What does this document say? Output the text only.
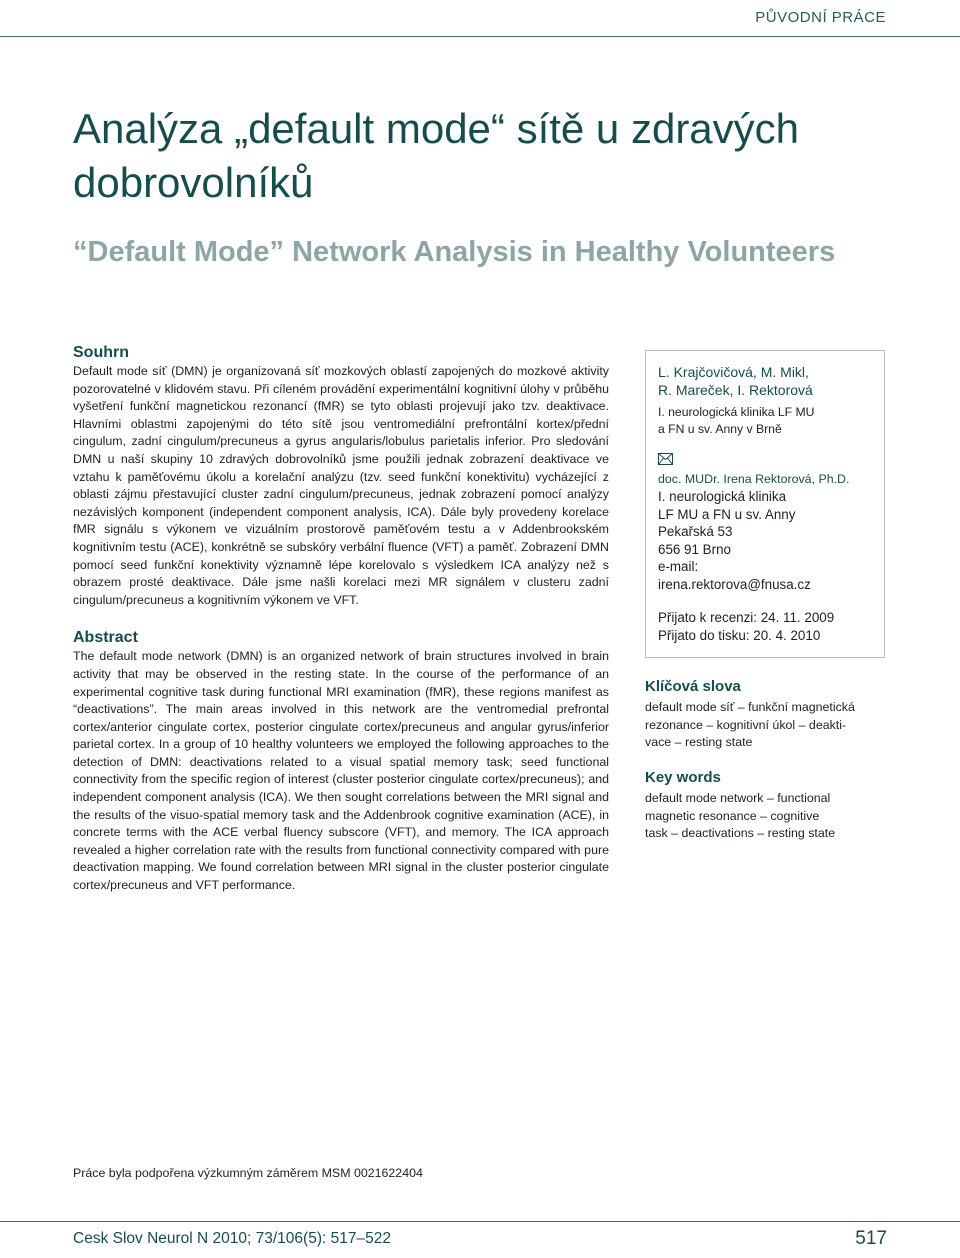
PŮVODNÍ PRÁCE
Analýza „default mode“ sítě u zdravých dobrovolníků
“Default Mode” Network Analysis in Healthy Volunteers
Souhrn

Default mode síť (DMN) je organizovaná síť mozkových oblastí zapojených do mozkové aktivity pozorovatelné v klidovém stavu. Při cíleném provádění experimentální kognitivní úlohy v průběhu vyšetření funkční magnetickou rezonancí (fMR) se tyto oblasti projevují jako tzv. deaktivace. Hlavními oblastmi zapojenými do této sítě jsou ventromediální prefrontální kortex/přední cingulum, zadní cingulum/precuneus a gyrus angularis/lobulus parietalis inferior. Pro sledování DMN u naší skupiny 10 zdravých dobrovolníků jsme použili jednak zobrazení deaktivace ve vztahu k paměťovému úkolu a korelační analýzu (tzv. seed funkční konektivitu) vycházející z oblasti zájmu přestavující cluster zadní cingulum/precuneus, jednak zobrazení pomocí analýzy nezávislých komponent (independent component analysis, ICA). Dále byly provedeny korelace fMR signálu s výkonem ve vizuálním prostorově paměťovém testu a v Addenbrookském kognitivním testu (ACE), konkrétně se subskóry verbální fluence (VFT) a paměť. Zobrazení DMN pomocí seed funkční konektivity významně lépe korelovalo s výsledkem ICA analýzy než s obrazem prosté deaktivace. Dále jsme našli korelaci mezi MR signálem v clusteru zadní cingulum/precuneus a kognitivním výkonem ve VFT.

Abstract

The default mode network (DMN) is an organized network of brain structures involved in brain activity that may be observed in the resting state. In the course of the performance of an experimental cognitive task during functional MRI examination (fMR), these regions manifest as “deactivations”. The main areas involved in this network are the ventromedial prefrontal cortex/anterior cingulate cortex, posterior cingulate cortex/precuneus and angular gyrus/inferior parietal cortex. In a group of 10 healthy volunteers we employed the following approaches to the detection of DMN: deactivations related to a visual spatial memory task; seed functional connectivity from the specific region of interest (cluster posterior cingulate cortex/precuneus); and independent component analysis (ICA). We then sought correlations between the MRI signal and the results of the visuo-spatial memory task and the Addenbrook cognitive examination (ACE), in concrete terms with the ACE verbal fluency subscore (VFT), and memory. The ICA approach revealed a higher correlation rate with the results from functional connectivity compared with pure deactivation mapping. We found correlation between MRI signal in the cluster posterior cingulate cortex/precuneus and VFT performance.

L. Krajčovičová, M. Mikl,

R. Mareček, I. Rektorová

I. neurologická klinika LF MU
a FN u sv. Anny v Brně

doc. MUDr. Irena Rektorová, Ph.D.

I. neurologická klinika

LF MU a FN u sv. Anny

Pekařská 53

656 91 Brno

e-mail:

irena.rektorova@fnusa.cz

Přijato k recenzi: 24. 11. 2009

Přijato do tisku: 20. 4. 2010

Klíčová slova

default mode síť – funkční magnetická

rezonance – kognitivní úkol – deakti-

vace – resting state

Key words

default mode network – functional

magnetic resonance – cognitive

task – deactivations – resting state

Práce byla podpořena výzkumným záměrem MSM 0021622404

Cesk Slov Neurol N 2010; 73/106(5): 517–522	517
